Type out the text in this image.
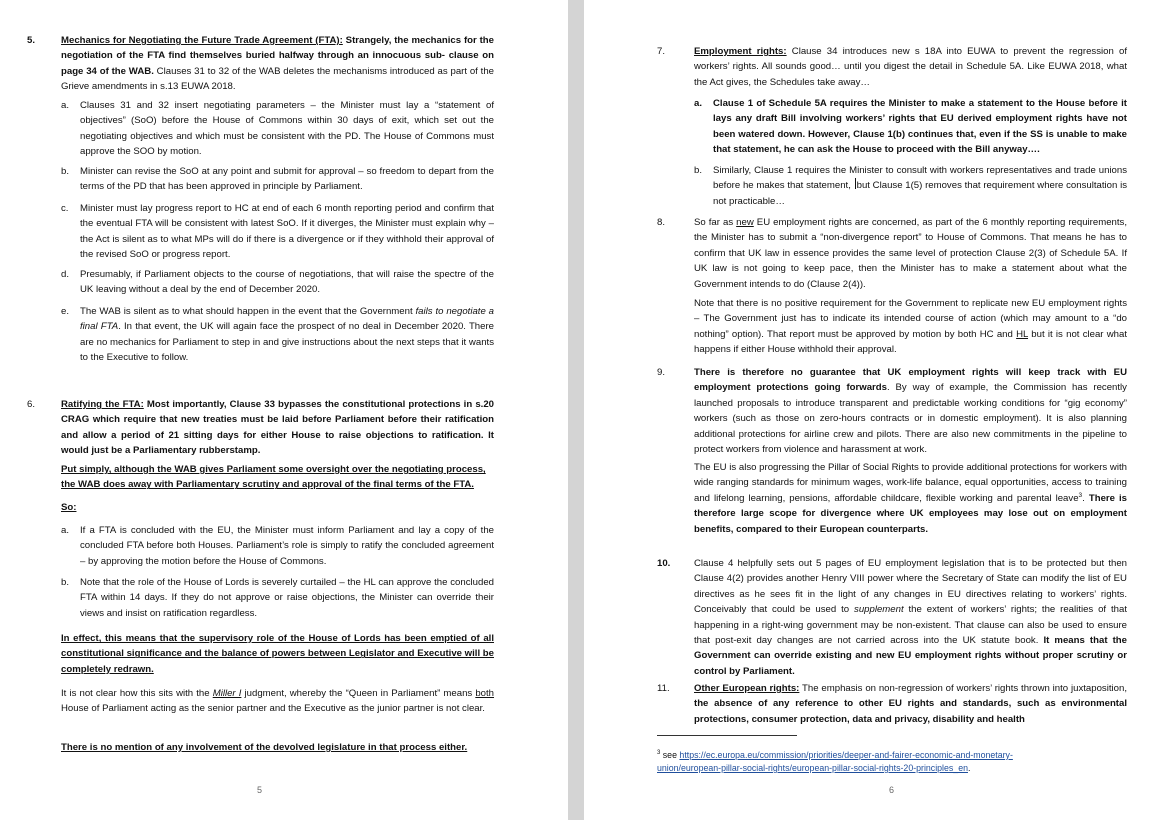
5.	Mechanics for Negotiating the Future Trade Agreement (FTA): Strangely, the mechanics for the negotiation of the FTA find themselves buried halfway through an innocuous sub- clause on page 34 of the WAB. Clauses 31 to 32 of the WAB deletes the mechanisms introduced as part of the Grieve amendments in s.13 EUWA 2018.
a. Clauses 31 and 32 insert negotiating parameters – the Minister must lay a “statement of objectives” (SoO) before the House of Commons within 30 days of exit, which set out the negotiating objectives and which must be consistent with the PD. The House of Commons must approve the SOO by motion.
b. Minister can revise the SoO at any point and submit for approval – so freedom to depart from the terms of the PD that has been approved in principle by Parliament.
c. Minister must lay progress report to HC at end of each 6 month reporting period and confirm that the eventual FTA will be consistent with latest SoO. If it diverges, the Minister must explain why – the Act is silent as to what MPs will do if there is a divergence or if they withhold their approval of the revised SoO or progress report.
d. Presumably, if Parliament objects to the course of negotiations, that will raise the spectre of the UK leaving without a deal by the end of December 2020.
e. The WAB is silent as to what should happen in the event that the Government fails to negotiate a final FTA. In that event, the UK will again face the prospect of no deal in December 2020. There are no mechanics for Parliament to step in and give instructions about the next steps that it wants to the Executive to follow.
6.	Ratifying the FTA: Most importantly, Clause 33 bypasses the constitutional protections in s.20 CRAG which require that new treaties must be laid before Parliament before their ratification and allow a period of 21 sitting days for either House to raise objections to ratification. It would just be a Parliamentary rubberstamp.
Put simply, although the WAB gives Parliament some oversight over the negotiating process, the WAB does away with Parliamentary scrutiny and approval of the final terms of the FTA.
So:
a. If a FTA is concluded with the EU, the Minister must inform Parliament and lay a copy of the concluded FTA before both Houses. Parliament’s role is simply to ratify the concluded agreement – by approving the motion before the House of Commons.
b. Note that the role of the House of Lords is severely curtailed – the HL can approve the concluded FTA within 14 days. If they do not approve or raise objections, the Minister can override their views and insist on ratification regardless.
In effect, this means that the supervisory role of the House of Lords has been emptied of all constitutional significance and the balance of powers between Legislator and Executive will be completely redrawn.
It is not clear how this sits with the Miller I judgment, whereby the “Queen in Parliament” means both House of Parliament acting as the senior partner and the Executive as the junior partner is not clear.
There is no mention of any involvement of the devolved legislature in that process either.
5
7.	Employment rights: Clause 34 introduces new s 18A into EUWA to prevent the regression of workers’ rights. All sounds good… until you digest the detail in Schedule 5A. Like EUWA 2018, what the Act gives, the Schedules take away…
a. Clause 1 of Schedule 5A requires the Minister to make a statement to the House before it lays any draft Bill involving workers’ rights that EU derived employment rights have not been watered down. However, Clause 1(b) continues that, even if the SS is unable to make that statement, he can ask the House to proceed with the Bill anyway….
b. Similarly, Clause 1 requires the Minister to consult with workers representatives and trade unions before he makes that statement, but Clause 1(5) removes that requirement where consultation is not practicable…
8.	So far as new EU employment rights are concerned, as part of the 6 monthly reporting requirements, the Minister has to submit a “non-divergence report” to House of Commons. That means he has to confirm that UK law in essence provides the same level of protection Clause 2(3) of Schedule 5A. If UK law is not going to keep pace, then the Minister has to make a statement about what the Government intends to do (Clause 2(4)).
Note that there is no positive requirement for the Government to replicate new EU employment rights – The Government just has to indicate its intended course of action (which may amount to a “do nothing” option). That report must be approved by motion by both HC and HL but it is not clear what happens if either House withhold their approval.
9.	There is therefore no guarantee that UK employment rights will keep track with EU employment protections going forwards. By way of example, the Commission has recently launched proposals to introduce transparent and predictable working conditions for “gig economy” workers (such as those on zero-hours contracts or in domestic employment). It is also planning additional protections for airline crew and pilots. There are also new commitments in the pipeline to protect workers from violence and harassment at work.
The EU is also progressing the Pillar of Social Rights to provide additional protections for workers with wide ranging standards for minimum wages, work-life balance, equal opportunities, access to training and lifelong learning, pensions, affordable childcare, flexible working and parental leave$^3$. There is therefore large scope for divergence where UK employees may lose out on employment benefits, compared to their European counterparts.
10. Clause 4 helpfully sets out 5 pages of EU employment legislation that is to be protected but then Clause 4(2) provides another Henry VIII power where the Secretary of State can modify the list of EU directives as he sees fit in the light of any changes in EU directives relating to workers’ rights. Conceivably that could be used to supplement the extent of workers’ rights; the realities of that happening in a right-wing government may be non-existent. That clause can also be used to ensure that post-exit day changes are not carried across into the UK statute book. It means that the Government can override existing and new EU employment rights without proper scrutiny or control by Parliament.
11.	Other European rights: The emphasis on non-regression of workers’ rights thrown into juxtaposition, the absence of any reference to other EU rights and standards, such as environmental protections, consumer protection, data and privacy, disability and health
$^3$ see https://ec.europa.eu/commission/priorities/deeper-and-fairer-economic-and-monetary-
union/european-pillar-social-rights/european-pillar-social-rights-20-principles_en.
6
